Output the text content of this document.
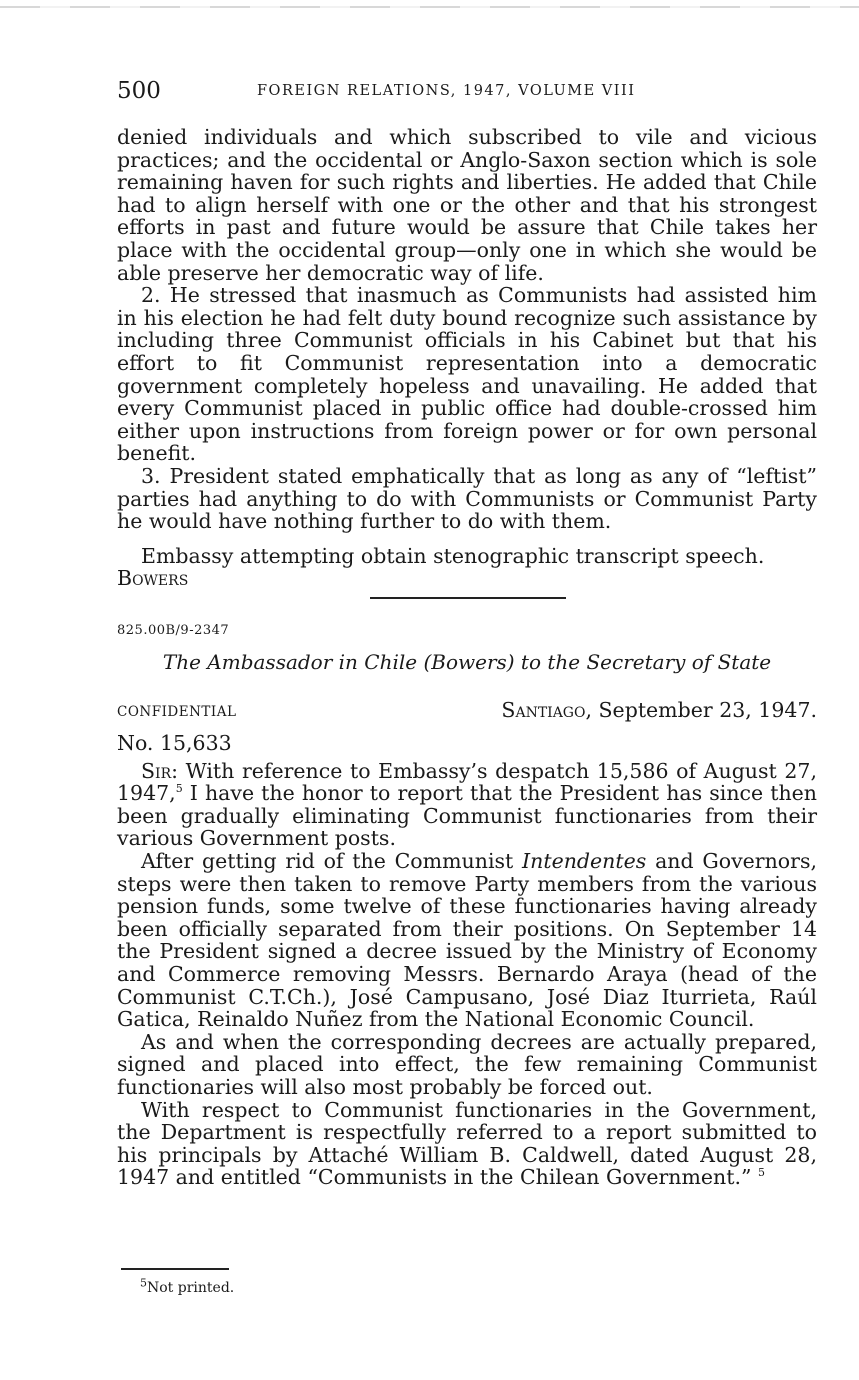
500	FOREIGN RELATIONS, 1947, VOLUME VIII

denied individuals and which subscribed to vile and vicious practices; and the occidental or Anglo-Saxon section which is sole remaining haven for such rights and liberties. He added that Chile had to align herself with one or the other and that his strongest efforts in past and future would be assure that Chile takes her place with the occidental group—only one in which she would be able preserve her democratic way of life.

2. He stressed that inasmuch as Communists had assisted him in his election he had felt duty bound recognize such assistance by including three Communist officials in his Cabinet but that his effort to fit Communist representation into a democratic government completely hopeless and unavailing. He added that every Communist placed in public office had double-crossed him either upon instructions from foreign power or for own personal benefit.

3. President stated emphatically that as long as any of “leftist” parties had anything to do with Communists or Communist Party he would have nothing further to do with them.

Embassy attempting obtain stenographic transcript speech.

Bowers

825.00B/9-2347
The Ambassador in Chile (Bowers) to the Secretary of State
CONFIDENTIAL	Santiago, September 23, 1947.

No. 15,633

Sir: With reference to Embassy’s despatch 15,586 of August 27, 1947,$^5$ I have the honor to report that the President has since then been gradually eliminating Communist functionaries from their various Government posts.

After getting rid of the Communist Intendentes and Governors, steps were then taken to remove Party members from the various pension funds, some twelve of these functionaries having already been officially separated from their positions. On September 14 the President signed a decree issued by the Ministry of Economy and Commerce removing Messrs. Bernardo Araya (head of the Communist C.T.Ch.), José Campusano, José Diaz Iturrieta, Raúl Gatica, Reinaldo Nuñez from the National Economic Council.

As and when the corresponding decrees are actually prepared, signed and placed into effect, the few remaining Communist functionaries will also most probably be forced out.

With respect to Communist functionaries in the Government, the Department is respectfully referred to a report submitted to his principals by Attaché William B. Caldwell, dated August 28, 1947 and entitled “Communists in the Chilean Government.” $^5$

$^5$Not printed.
